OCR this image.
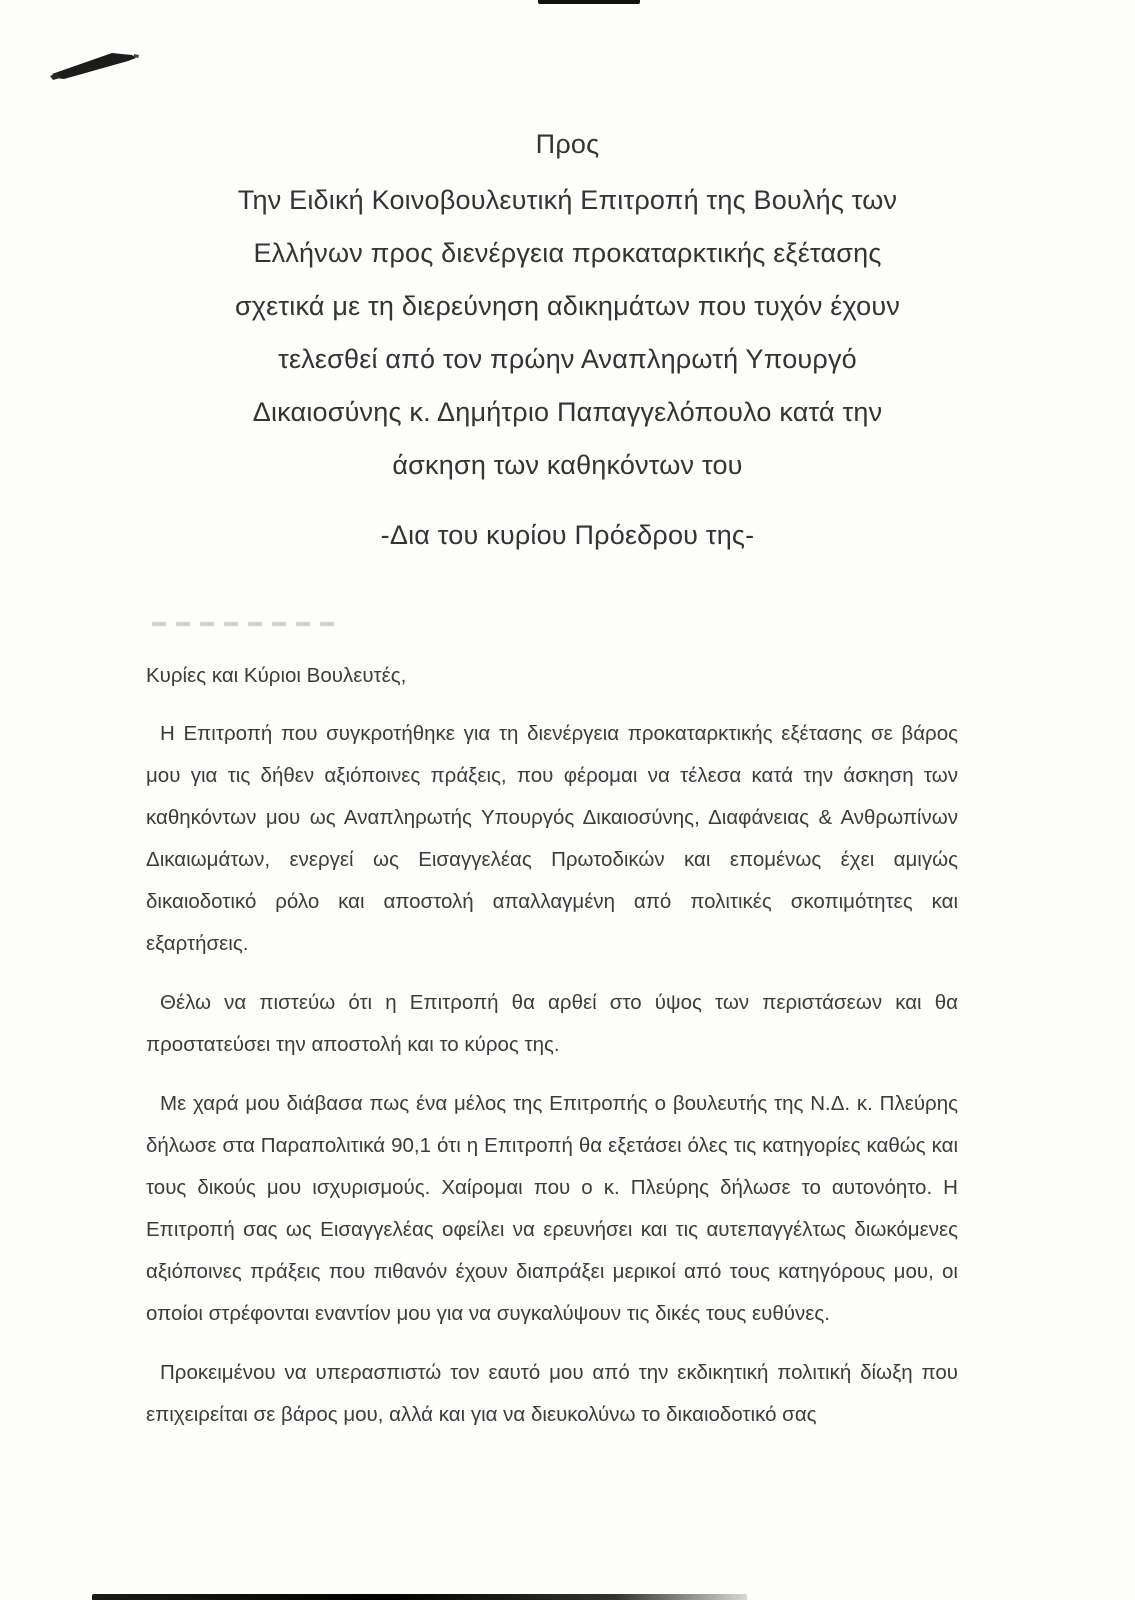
Προς
Την Ειδική Κοινοβουλευτική Επιτροπή της Βουλής των
Ελλήνων προς διενέργεια προκαταρκτικής εξέτασης
σχετικά με τη διερεύνηση αδικημάτων που τυχόν έχουν
τελεσθεί από τον πρώην Αναπληρωτή Υπουργό
Δικαιοσύνης κ. Δημήτριο Παπαγγελόπουλο κατά την
άσκηση των καθηκόντων του
-Δια του κυρίου Πρόεδρου της-

Κυρίες και Κύριοι Βουλευτές,

Η Επιτροπή που συγκροτήθηκε για τη διενέργεια προκαταρκτικής εξέτασης σε βάρος μου για τις δήθεν αξιόποινες πράξεις, που φέρομαι να τέλεσα κατά την άσκηση των καθηκόντων μου ως Αναπληρωτής Υπουργός Δικαιοσύνης, Διαφάνειας & Ανθρωπίνων Δικαιωμάτων, ενεργεί ως Εισαγγελέας Πρωτοδικών και επομένως έχει αμιγώς δικαιοδοτικό ρόλο και αποστολή απαλλαγμένη από πολιτικές σκοπιμότητες και εξαρτήσεις.

Θέλω να πιστεύω ότι η Επιτροπή θα αρθεί στο ύψος των περιστάσεων και θα προστατεύσει την αποστολή και το κύρος της.

Με χαρά μου διάβασα πως ένα μέλος της Επιτροπής ο βουλευτής της Ν.Δ. κ. Πλεύρης δήλωσε στα Παραπολιτικά 90,1 ότι η Επιτροπή θα εξετάσει όλες τις κατηγορίες καθώς και τους δικούς μου ισχυρισμούς. Χαίρομαι που ο κ. Πλεύρης δήλωσε το αυτονόητο. Η Επιτροπή σας ως Εισαγγελέας οφείλει να ερευνήσει και τις αυτεπαγγέλτως διωκόμενες αξιόποινες πράξεις που πιθανόν έχουν διαπράξει μερικοί από τους κατηγόρους μου, οι οποίοι στρέφονται εναντίον μου για να συγκαλύψουν τις δικές τους ευθύνες.

Προκειμένου να υπερασπιστώ τον εαυτό μου από την εκδικητική πολιτική δίωξη που επιχειρείται σε βάρος μου, αλλά και για να διευκολύνω το δικαιοδοτικό σας
